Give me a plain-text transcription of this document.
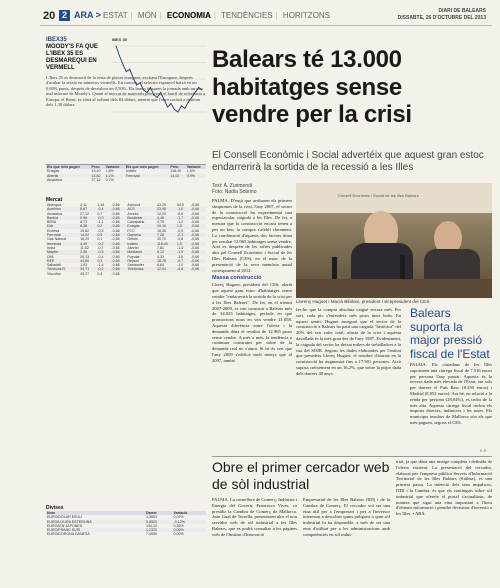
20 2 ARA > ESTAT | MÓN | ECONOMIA | TENDÈNCIES | HORITZONS	DIARI DE BALEARS
DISSABTE, 26 D'OCTUBRE DEL 2013
IBEX35
MOODY'S FA QUE L'IBEX 35 ES DESMAREQUI EN VERMELL
IBEX 35
L'Ibex 35 es desmarcà de la resta de places europees, excitant l'Europace, després d'acabar la sessió en números vermells. En concret, el selectiu espanyol baixà en un 0,60% punts, després de desvalora un 0,50%. Els bancs feixaren la jornada amb un clar mal informe de Moody's. Quant al mercat de materials primeres, el barril de referència a Europa, el Brent, es situà al voltant dels 84 dòlars, mentre que l'euro cotitzà a fenitom dels 1,38 dòlars.
Els que més pugen	Preu	Variació	Els que més pugen	Preu	Variació
Enagás	19,10	1,8%	Inditex	118,40	1,5%
Abertis	14,62	1,1%	Ferrovial	14,02	0,9%
Amadeus	27,12	0,7%			
Mercat
Abengoa	2,11	1,45	-0,66	Acciona	43,20	44,9	-0,66
Acerinox	8,87	-0,4	-0,66	ACS	23,95	-1,0	-0,66
Amadeus	27,12	0,7	-0,66	Arcelor	12,20	-0,6	-0,66
Bankia	0,96	-0,9	-0,66	Bankinter	4,48	-1,7	-0,66
BBVA	8,73	-1,1	-0,66	Caixabank	3,76	-1,2	-0,66
DIA	6,38	0,2	-0,66	Enagás	19,10	1,8	-0,66
Endesa	19,62	-0,3	-0,66	FCC	16,35	-0,9	-0,66
Ferrovial	14,02	0,9	-0,66	Gamesa	7,28	-2,1	-0,66
Gas Natural	16,20	0,1	-0,66	Grifols	30,70	-0,8	-0,66
Iberdrola	4,49	-0,2	-0,66	Inditex	118,40	1,5	-0,66
Indra	11,52	-0,7	-0,66	Jazztel	7,81	-1,3	-0,66
Mapfre	2,96	-0,5	-0,66	Mediaset	8,12	-1,9	-0,66
OHL	26,13	-0,4	-0,66	Popular	4,33	-1,6	-0,66
REE	44,60	0,3	-0,66	Repsol	18,78	-0,7	-0,66
Sabadell	1,93	-1,4	-0,66	Santander	6,64	-1,0	-0,66
Técnicas R.	34,71	-0,2	-0,66	Telefónica	12,04	-0,8	-0,66
Viscofan	40,27	0,4	-0,66				
Divises
Nom	Darrer	Variació
EURO/DÒLAR EEUU	1,3803	0,02%
EURO/LLIURA ESTERLINA	0,8520	-0,12%
EURO/IEN JAPONÈS	134,12	0,35%
EURO/FRANC SUÍS	1,2320	0,06%
EURO/CORONA DANESA	7,4590	0,00%
Balears té 13.000
habitatges sense
vendre per la crisi
El Consell Econòmic i Social advertéix que aquest gran estoc endarrerirà la sortida de la recessió a les Illes
Text: A. Zurimendi
Foto: Nadia Sobrino
PALMA. D'ençà que arribaren els primers símptomes de la crisi, l'any 2007, el sector de la construcció ha experimentat una espectacular caiguda a les Illes. De fet, a mesura que la construcció encara tenen a pes no ben, la compra s'afeblí clarament. La combinació d'aquests dos factors dona per resultat 12.965 habitatges sense vendre. Així es desprèn de les xifres publicades ahir pel Consell Econòmic i Social de les Illes Balears (CES), en el marc de la presentació de la seva memòria anual corresponent al 2012.
Massa construcció
Lloreç Huguet, president del CES, alertà que aquest gran estoc d'habitatges sense vendre "endarrerirà la sortida de la crisi per a les Illes Balears". De fet, en el trienni 2007-2009, es van construir a Balears més de 34.023 habitatges, període en què promocions nous en van vendre 21.058. Aquesta diferència entre l'oferta i la demanda dóna el resultat de 12.965 pisos sense vendre. A més a més, la tendència a continuar construint per sobre de la demanda real no s'atura. Si bé és cert que l'any 2009 s'edificà molt menys que al 2007, també.
Consell Econòmic i Social de les Illes Balears
Llorenç Huguet i Macià Bibiloni, president i vicepresident del CES.
fes-ho que la compra absoluta caigué encara més. Per sort, cada pic s'entendeix més pisos nous buits. En aquest sentit, Huguet assegurà que el sector de la construcció a Balears ha patit una caiguda "històrica" del 20% del seu valor total, afusta de la crisi i aquesta davallada és la més gran des de l'any 1987. Evidentment, la caiguda del sector ha deixat milers de treballadors a la cua del SOIB. Segons les dades elaborades per l'entitat que presideix Lloreç Huguet, el nombre d'aturats en la construcció ha augmentat fins a 17.501 persones. Això suposa créixement en un 16,2%, que sobre la pitjor dada dels darrers 40 anys.
Balears suporta la major pressió fiscal de l'Estat
PALMA. Els ciutadans de les Illes suportaren una càrrega fiscal de 7.516 euros per persona l'any passat. Aquesta és la tercera dada més elevada de l'Estat, tan sols per darrere el País Basc (8.350 euros) i Madrid (8.052 euros). Ara bé, en relació a la renda per persona (28,04%), es troba de la més alta. Aquesta càrrega fiscal inclou els imposts directes, indirectes i les taxes. Els municipis insulars de Mallorca són els que més paguen, segons el CES.
E.P.
Obre el primer cercador web de sòl industrial
PALMA. La consellera de Comerç, Indústria i Energia del Govern, Francesca Vives, va presidir la Cambra de Comerç de Mallorca, Joan Gual de Torrella, presentaren ahir el nou servidor web de sòl industrial a les Illes Balears, que es podrà consultar a les pàgines web de l'Institut d'Innovació
Empresarial de les Illes Balears (IDI) i de la Cambra de Comerç. El cercador vol ser una eina útil per a l'empresari i per a l'inversor interessat a descobrir quins polígons o quin sòl industrial hi ha disponible, a més de ser una eina d'utilitat per a les administracions amb competències en sòl indus-
trial, ja que dóna una imatge completa i definida de l'oferta existent. La presentació del cercador, elaborat per l'empresa pública Serveis d'Informació Territorial de les Illes Balears (Sitibsa), és una primera passa. La intenció dels seus impulsors, l'IDI i la Cambra, és que els continguts sobre sòl industrial que ofereix el portal s'actualitzin, de manera que sigui una eina important a l'hora d'obtenir informació i prendre decisions d'inversió a les Illes. • ARA
